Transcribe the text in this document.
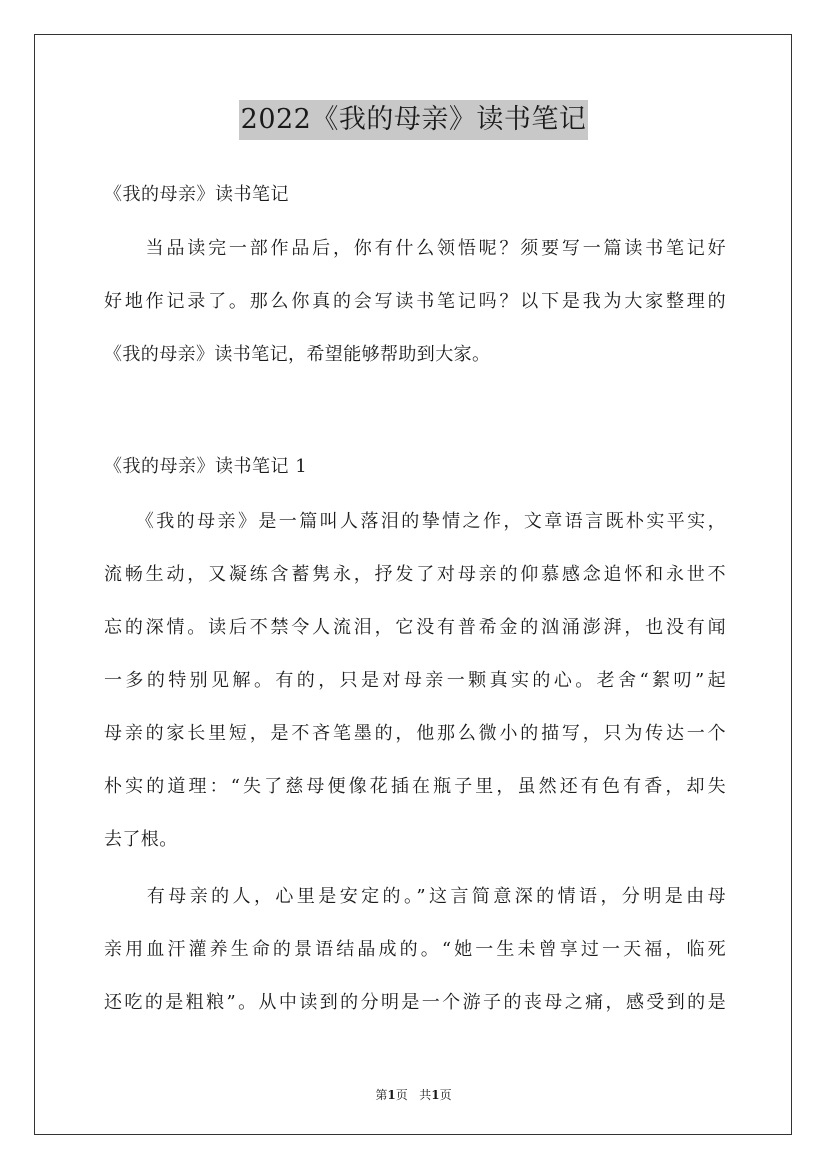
2022《我的母亲》读书笔记
《我的母亲》读书笔记
　　当品读完一部作品后，你有什么领悟呢？须要写一篇读书笔记好
好地作记录了。那么你真的会写读书笔记吗？以下是我为大家整理的
《我的母亲》读书笔记，希望能够帮助到大家。
《我的母亲》读书笔记 1
　　《我的母亲》是一篇叫人落泪的挚情之作，文章语言既朴实平实，
流畅生动，又凝练含蓄隽永，抒发了对母亲的仰慕感念追怀和永世不
忘的深情。读后不禁令人流泪，它没有普希金的汹涌澎湃，也没有闻
一多的特别见解。有的，只是对母亲一颗真实的心。老舍“絮叨”起
母亲的家长里短，是不吝笔墨的，他那么微小的描写，只为传达一个
朴实的道理：“失了慈母便像花插在瓶子里，虽然还有色有香，却失
去了根。
　　有母亲的人，心里是安定的。”这言简意深的情语，分明是由母
亲用血汗灌养生命的景语结晶成的。“她一生未曾享过一天福，临死
还吃的是粗粮”。从中读到的分明是一个游子的丧母之痛，感受到的是
第1页 共1页
